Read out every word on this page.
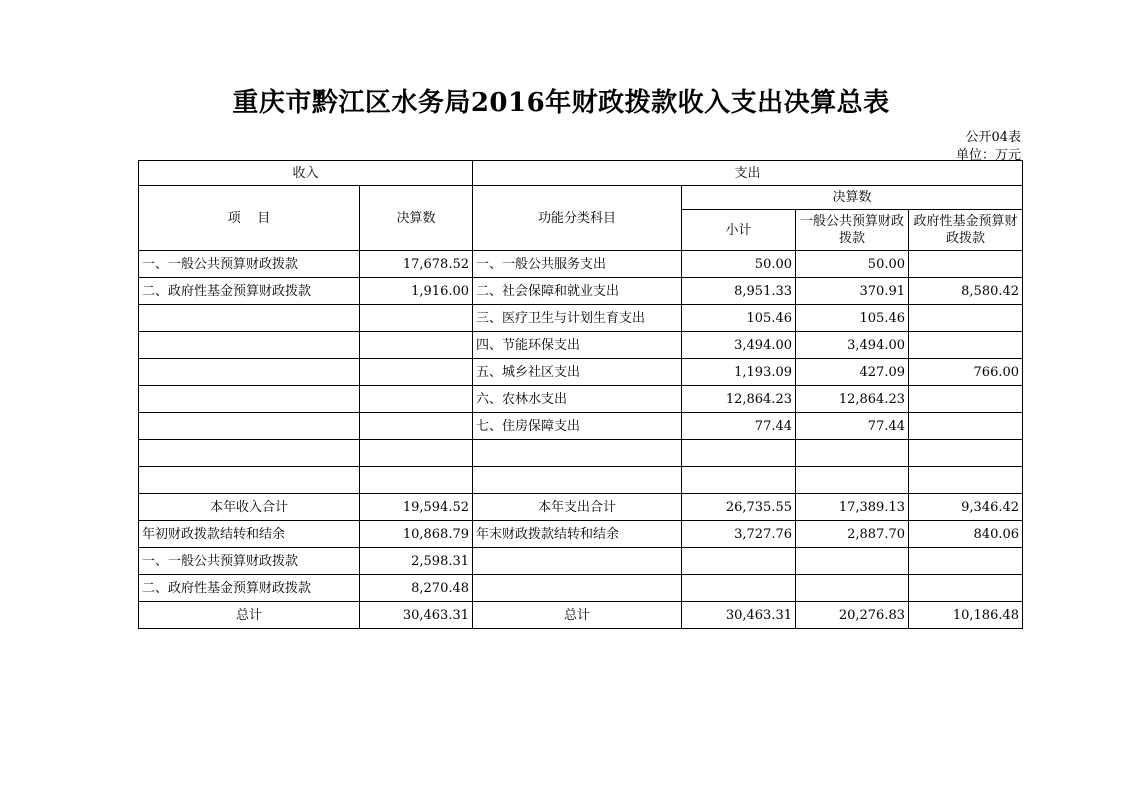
重庆市黔江区水务局2016年财政拨款收入支出决算总表
公开04表
单位：万元
收入		支出			
项    目	决算数	功能分类科目	决算数		
			小计	一般公共预算财政拨款	政府性基金预算财政拨款
一、一般公共预算财政拨款	17,678.52	一、一般公共服务支出	50.00	50.00	
二、政府性基金预算财政拨款	1,916.00	二、社会保障和就业支出	8,951.33	370.91	8,580.42
		三、医疗卫生与计划生育支出	105.46	105.46	
		四、节能环保支出	3,494.00	3,494.00	
		五、城乡社区支出	1,193.09	427.09	766.00
		六、农林水支出	12,864.23	12,864.23	
		七、住房保障支出	77.44	77.44	

本年收入合计	19,594.52	本年支出合计	26,735.55	17,389.13	9,346.42
年初财政拨款结转和结余	10,868.79	年末财政拨款结转和结余	3,727.76	2,887.70	840.06
一、一般公共预算财政拨款	2,598.31				
二、政府性基金预算财政拨款	8,270.48				
总计	30,463.31	总计	30,463.31	20,276.83	10,186.48
